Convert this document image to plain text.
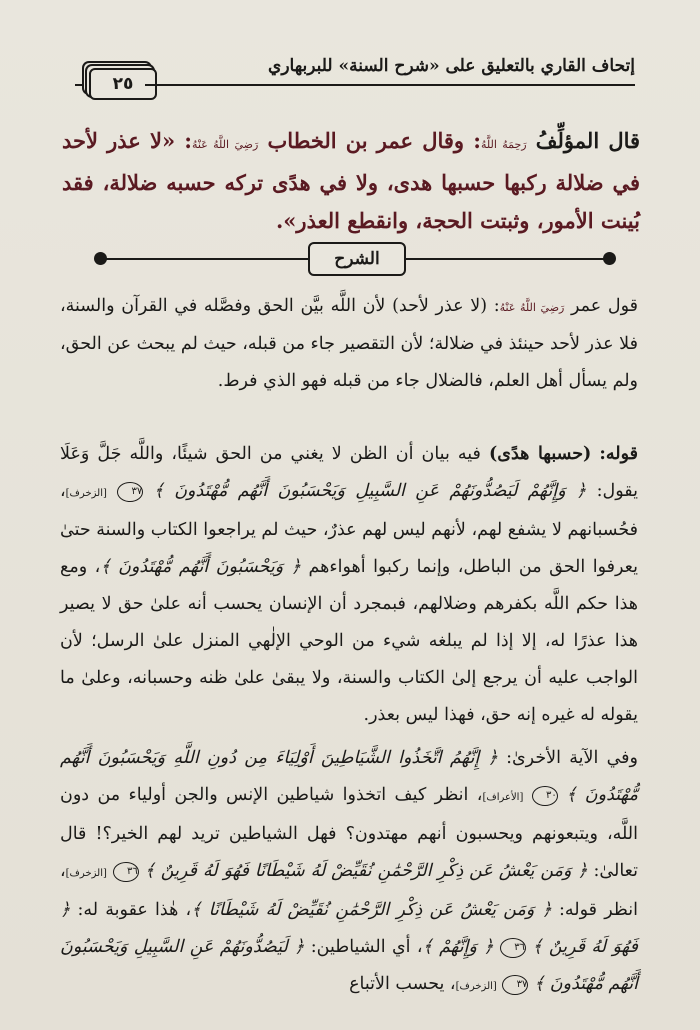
٢٥
إتحاف القاري بالتعليق على «شرح السنة» للبربهاري
قال المؤلِّفُ رَحِمَهُ اللَّهُ: وقال عمر بن الخطاب رَضِيَ اللَّهُ عَنْهُ: «لا عذر لأحد في ضلالة ركبها حسبها هدى، ولا في هدًى تركه حسبه ضلالة، فقد بُينت الأمور، وثبتت الحجة، وانقطع العذر».
الشرح
قول عمر رَضِيَ اللَّهُ عَنْهُ: (لا عذر لأحد) لأن اللَّه بيَّن الحق وفصَّله في القرآن والسنة، فلا عذر لأحد حينئذ في ضلالة؛ لأن التقصير جاء من قبله، حيث لم يبحث عن الحق، ولم يسأل أهل العلم، فالضلال جاء من قبله فهو الذي فرط.
قوله: (حسبها هدًى) فيه بيان أن الظن لا يغني من الحق شيئًا، واللَّه جَلَّ وَعَلَا يقول: ﴿ وَإِنَّهُمْ لَيَصُدُّونَهُمْ عَنِ السَّبِيلِ وَيَحْسَبُونَ أَنَّهُم مُّهْتَدُونَ ﴾ ٣٧ [الزخرف]، فحُسبانهم لا يشفع لهم، لأنهم ليس لهم عذرٌ، حيث لم يراجعوا الكتاب والسنة حتىٰ يعرفوا الحق من الباطل، وإنما ركبوا أهواءهم ﴿ وَيَحْسَبُونَ أَنَّهُم مُّهْتَدُونَ ﴾، ومع هذا حكم اللَّه بكفرهم وضلالهم، فبمجرد أن الإنسان يحسب أنه علىٰ حق لا يصير هذا عذرًا له، إلا إذا لم يبلغه شيء من الوحي الإلٰهي المنزل علىٰ الرسل؛ لأن الواجب عليه أن يرجع إلىٰ الكتاب والسنة، ولا يبقىٰ علىٰ ظنه وحسبانه، وعلىٰ ما يقوله له غيره إنه حق، فهذا ليس بعذر.
وفي الآية الأخرىٰ: ﴿ إِنَّهُمُ اتَّخَذُوا الشَّيَاطِينَ أَوْلِيَاءَ مِن دُونِ اللَّهِ وَيَحْسَبُونَ أَنَّهُم مُّهْتَدُونَ ﴾ ٣٠ [الأعراف]، انظر كيف اتخذوا شياطين الإنس والجن أولياء من دون اللَّه، ويتبعونهم ويحسبون أنهم مهتدون؟ فهل الشياطين تريد لهم الخير؟! قال تعالىٰ: ﴿ وَمَن يَعْشُ عَن ذِكْرِ الرَّحْمَٰنِ نُقَيِّضْ لَهُ شَيْطَانًا فَهُوَ لَهُ قَرِينٌ ﴾ ٣٦ [الزخرف]، انظر قوله: ﴿ وَمَن يَعْشُ عَن ذِكْرِ الرَّحْمَٰنِ نُقَيِّضْ لَهُ شَيْطَانًا ﴾، هٰذا عقوبة له: ﴿ فَهُوَ لَهُ قَرِينٌ ﴾ ٣٦ ﴿ وَإِنَّهُمْ ﴾، أي الشياطين: ﴿ لَيَصُدُّونَهُمْ عَنِ السَّبِيلِ وَيَحْسَبُونَ أَنَّهُم مُّهْتَدُونَ ﴾ ٣٧ [الزخرف]، يحسب الأتباع
